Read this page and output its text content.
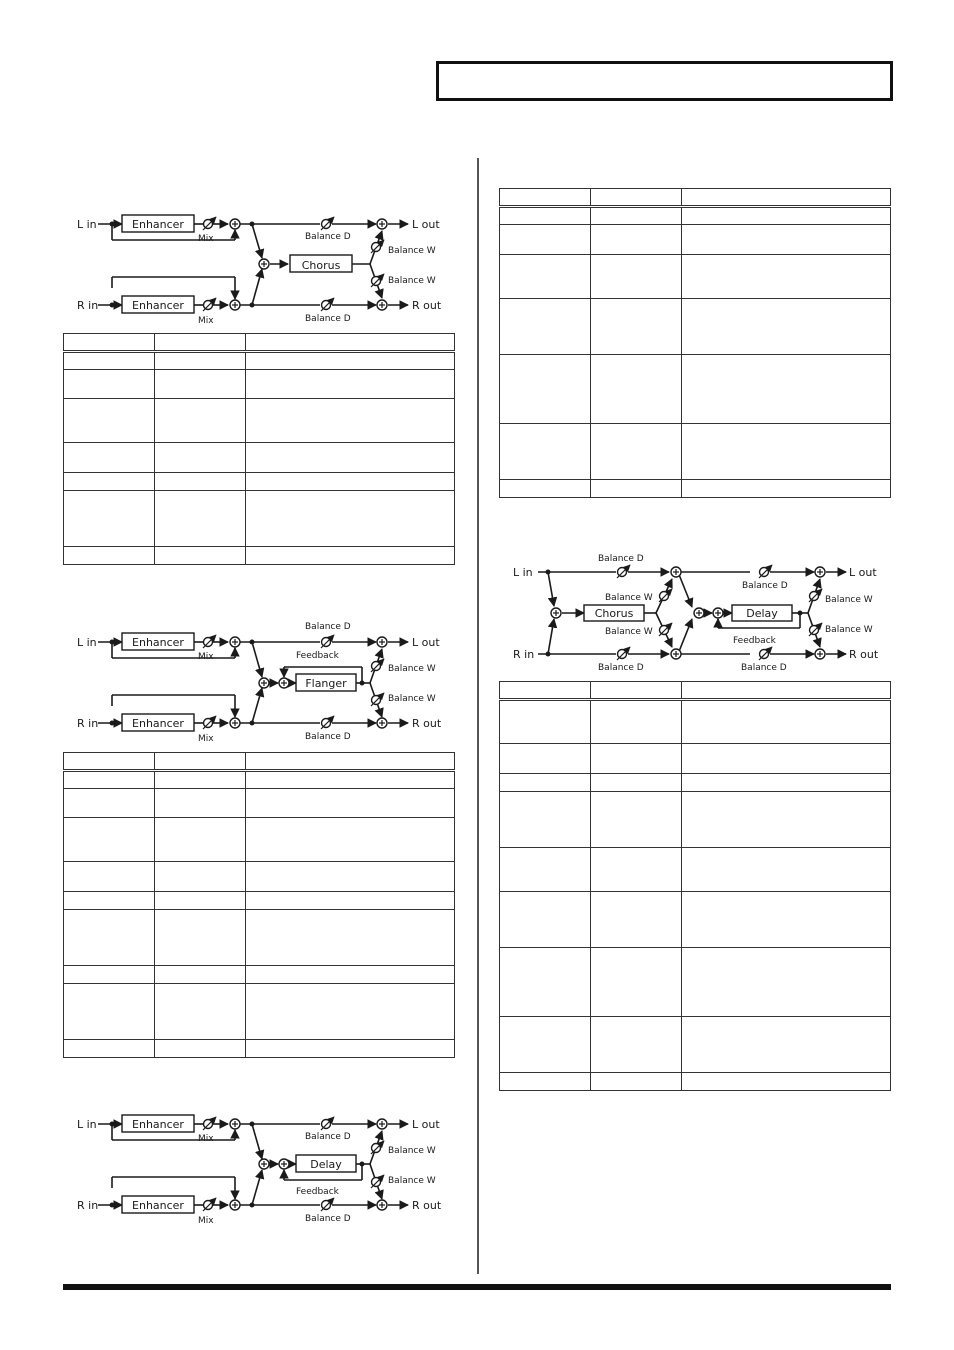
L in
R in
L out
R out
Enhancer
Enhancer
Mix
Mix
Chorus
Balance D
Balance D
Balance W
Balance W

L in
R in
L out
R out
Enhancer
Enhancer
Mix
Mix
Flanger
Feedback
Balance D
Balance D
Balance W
Balance W

L in
R in
L out
R out
Enhancer
Enhancer
Mix
Mix
Delay
Feedback
Balance D
Balance D
Balance W
Balance W

L in
R in
L out
R out
Chorus	Delay
Feedback
Balance D
Balance D
Balance W
Balance W
Balance D
Balance D
Balance W
Balance W
